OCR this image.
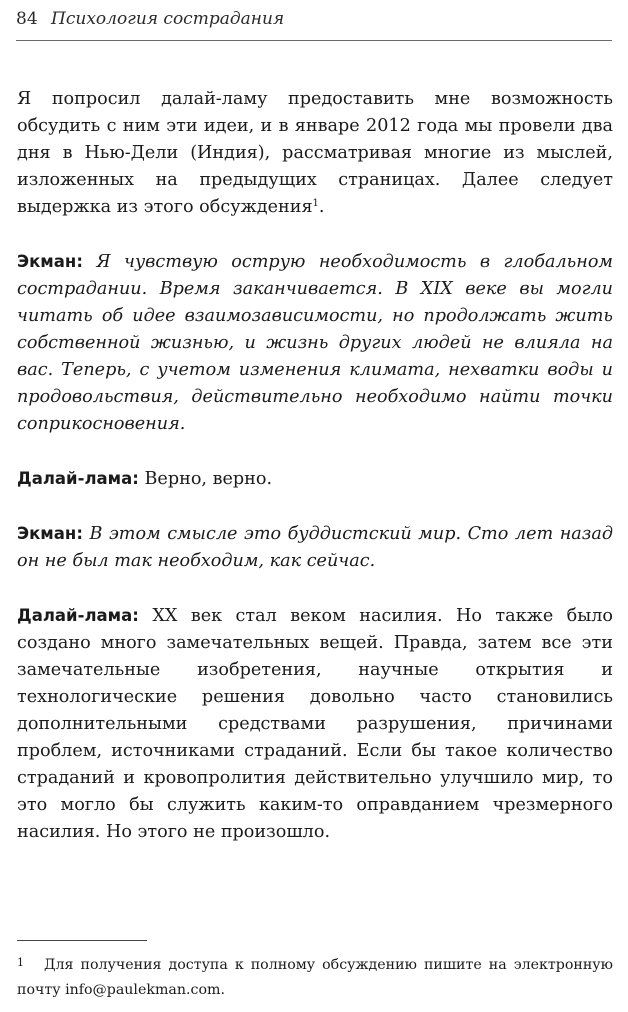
84 Психология сострадания

Я попросил далай-ламу предоставить мне возможность обсудить с ним эти идеи, и в январе 2012 года мы провели два дня в Нью-Дели (Индия), рассматривая многие из мыслей, изложенных на предыдущих страницах. Далее следует выдержка из этого обсуждения$^1$.

Экман: Я чувствую острую необходимость в глобальном сострадании. Время заканчивается. В XIX веке вы могли читать об идее взаимозависимости, но продолжать жить собственной жизнью, и жизнь других людей не влияла на вас. Теперь, с учетом изменения климата, нехватки воды и продовольствия, действительно необходимо найти точки соприкосновения.

Далай-лама: Верно, верно.

Экман: В этом смысле это буддистский мир. Сто лет назад он не был так необходим, как сейчас.

Далай-лама: XX век стал веком насилия. Но также было создано много замечательных вещей. Правда, затем все эти замечательные изобретения, научные открытия и технологические решения довольно часто становились дополнительными средствами разрушения, причинами проблем, источниками страданий. Если бы такое количество страданий и кровопролития действительно улучшило мир, то это могло бы служить каким-то оправданием чрезмерного насилия. Но этого не произошло.

1 Для получения доступа к полному обсуждению пишите на электронную почту info@paulekman.com.
